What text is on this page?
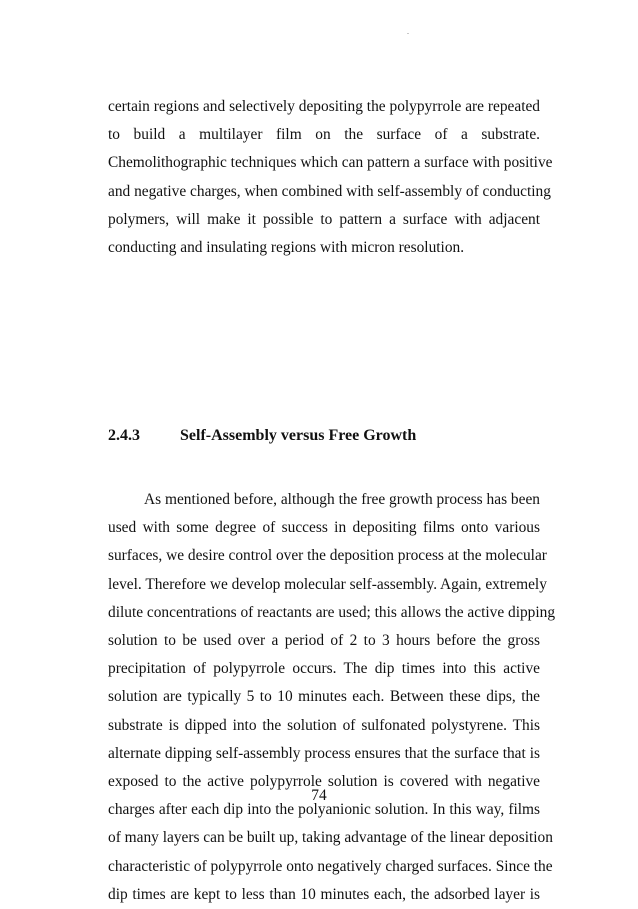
certain regions and selectively depositing the polypyrrole are repeated
to build a multilayer film on the surface of a substrate.
Chemolithographic techniques which can pattern a surface with positive
and negative charges, when combined with self-assembly of conducting
polymers, will make it possible to pattern a surface with adjacent
conducting and insulating regions with micron resolution.

2.4.3	Self-Assembly versus Free Growth

As mentioned before, although the free growth process has been
used with some degree of success in depositing films onto various
surfaces, we desire control over the deposition process at the molecular
level. Therefore we develop molecular self-assembly. Again, extremely
dilute concentrations of reactants are used; this allows the active dipping
solution to be used over a period of 2 to 3 hours before the gross
precipitation of polypyrrole occurs. The dip times into this active
solution are typically 5 to 10 minutes each. Between these dips, the
substrate is dipped into the solution of sulfonated polystyrene. This
alternate dipping self-assembly process ensures that the surface that is
exposed to the active polypyrrole solution is covered with negative
charges after each dip into the polyanionic solution. In this way, films
of many layers can be built up, taking advantage of the linear deposition
characteristic of polypyrrole onto negatively charged surfaces. Since the
dip times are kept to less than 10 minutes each, the adsorbed layer is

74
